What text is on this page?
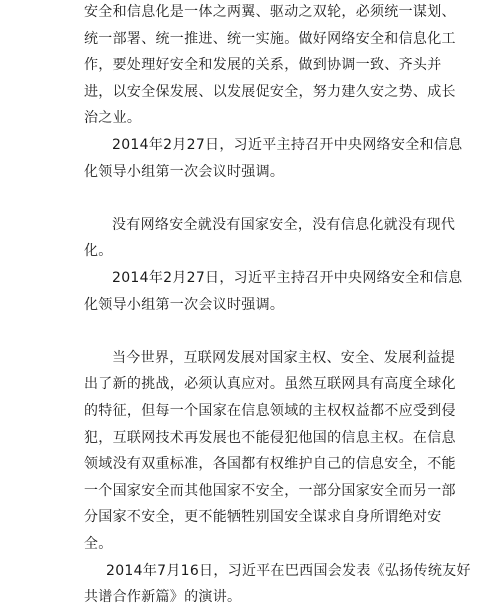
安全和信息化是一体之两翼、驱动之双轮，必须统一谋划、
统一部署、统一推进、统一实施。做好网络安全和信息化工
作，要处理好安全和发展的关系，做到协调一致、齐头并
进，以安全保发展、以发展促安全，努力建久安之势、成长
治之业。
2014年2月27日，习近平主持召开中央网络安全和信息
化领导小组第一次会议时强调。
没有网络安全就没有国家安全，没有信息化就没有现代
化。
2014年2月27日，习近平主持召开中央网络安全和信息
化领导小组第一次会议时强调。
当今世界，互联网发展对国家主权、安全、发展利益提
出了新的挑战，必须认真应对。虽然互联网具有高度全球化
的特征，但每一个国家在信息领域的主权权益都不应受到侵
犯，互联网技术再发展也不能侵犯他国的信息主权。在信息
领域没有双重标准，各国都有权维护自己的信息安全，不能
一个国家安全而其他国家不安全，一部分国家安全而另一部
分国家不安全，更不能牺牲别国安全谋求自身所谓绝对安
全。
2014年7月16日，习近平在巴西国会发表《弘扬传统友好
共谱合作新篇》的演讲。
